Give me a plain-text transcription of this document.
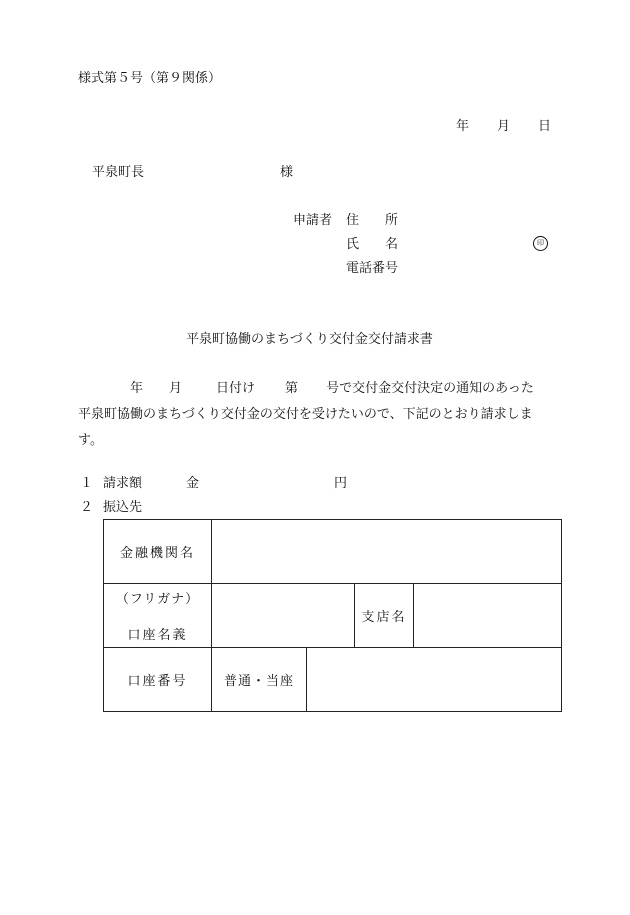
様式第５号（第９関係）
年 月 日
平泉町長	様
申請者 住　　所
氏　　名	印
電話番号
平泉町協働のまちづくり交付金交付請求書
年 月	日付け 第 号で交付金交付決定の通知のあった
平泉町協働のまちづくり交付金の交付を受けたいので、下記のとおり請求しま
す。
１ 請求額	金	円
２ 振込先
金融機関名				

（フリガナ）
口座名義			支店名	
口座番号	普通・当座			
